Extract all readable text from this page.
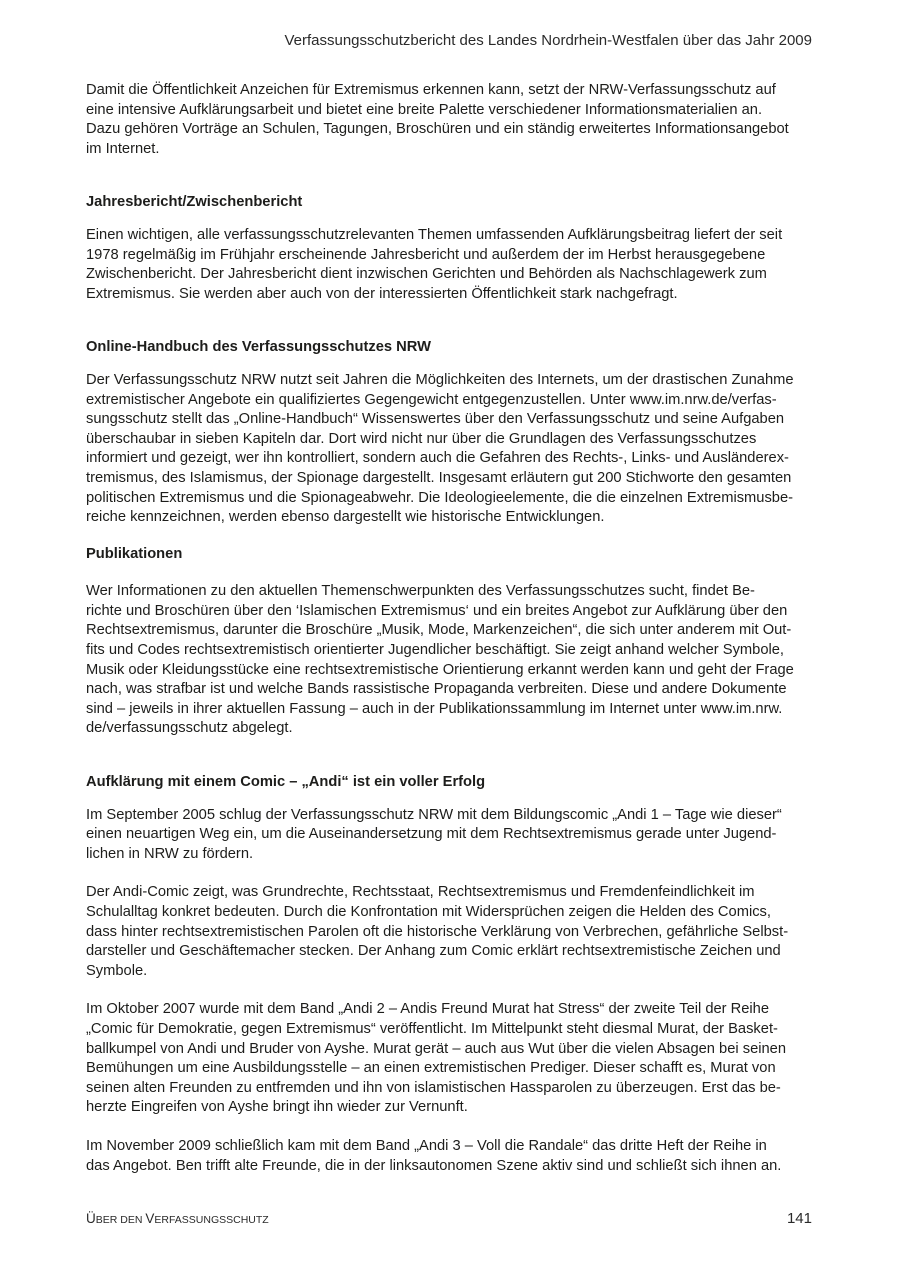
Verfassungsschutzbericht des Landes Nordrhein-Westfalen über das Jahr 2009

Damit die Öffentlichkeit Anzeichen für Extremismus erkennen kann, setzt der NRW-Verfassungsschutz auf
eine intensive Aufklärungsarbeit und bietet eine breite Palette verschiedener Informationsmaterialien an.
Dazu gehören Vorträge an Schulen, Tagungen, Broschüren und ein ständig erweitertes Informationsangebot
im Internet.

Jahresbericht/Zwischenbericht

Einen wichtigen, alle verfassungsschutzrelevanten Themen umfassenden Aufklärungsbeitrag liefert der seit
1978 regelmäßig im Frühjahr erscheinende Jahresbericht und außerdem der im Herbst herausgegebene
Zwischenbericht. Der Jahresbericht dient inzwischen Gerichten und Behörden als Nachschlagewerk zum
Extremismus. Sie werden aber auch von der interessierten Öffentlichkeit stark nachgefragt.

Online-Handbuch des Verfassungsschutzes NRW

Der Verfassungsschutz NRW nutzt seit Jahren die Möglichkeiten des Internets, um der drastischen Zunahme
extremistischer Angebote ein qualifiziertes Gegengewicht entgegenzustellen. Unter www.im.nrw.de/verfas-
sungsschutz stellt das „Online-Handbuch“ Wissenswertes über den Verfassungsschutz und seine Aufgaben
überschaubar in sieben Kapiteln dar. Dort wird nicht nur über die Grundlagen des Verfassungsschutzes
informiert und gezeigt, wer ihn kontrolliert, sondern auch die Gefahren des Rechts-, Links- und Ausländerex-
tremismus, des Islamismus, der Spionage dargestellt. Insgesamt erläutern gut 200 Stichworte den gesamten
politischen Extremismus und die Spionageabwehr. Die Ideologieelemente, die die einzelnen Extremismusbe-
reiche kennzeichnen, werden ebenso dargestellt wie historische Entwicklungen.

Publikationen

Wer Informationen zu den aktuellen Themenschwerpunkten des Verfassungsschutzes sucht, findet Be-
richte und Broschüren über den ‘Islamischen Extremismus‘ und ein breites Angebot zur Aufklärung über den
Rechtsextremismus, darunter die Broschüre „Musik, Mode, Markenzeichen“, die sich unter anderem mit Out-
fits und Codes rechtsextremistisch orientierter Jugendlicher beschäftigt. Sie zeigt anhand welcher Symbole,
Musik oder Kleidungsstücke eine rechtsextremistische Orientierung erkannt werden kann und geht der Frage
nach, was strafbar ist und welche Bands rassistische Propaganda verbreiten. Diese und andere Dokumente
sind – jeweils in ihrer aktuellen Fassung – auch in der Publikationssammlung im Internet unter www.im.nrw.
de/verfassungsschutz abgelegt.

Aufklärung mit einem Comic – „Andi“ ist ein voller Erfolg

Im September 2005 schlug der Verfassungsschutz NRW mit dem Bildungscomic „Andi 1 – Tage wie dieser“
einen neuartigen Weg ein, um die Auseinandersetzung mit dem Rechtsextremismus gerade unter Jugend-
lichen in NRW zu fördern.

Der Andi-Comic zeigt, was Grundrechte, Rechtsstaat, Rechtsextremismus und Fremdenfeindlichkeit im
Schulalltag konkret bedeuten. Durch die Konfrontation mit Widersprüchen zeigen die Helden des Comics,
dass hinter rechtsextremistischen Parolen oft die historische Verklärung von Verbrechen, gefährliche Selbst-
darsteller und Geschäftemacher stecken. Der Anhang zum Comic erklärt rechtsextremistische Zeichen und
Symbole.

Im Oktober 2007 wurde mit dem Band „Andi 2 – Andis Freund Murat hat Stress“ der zweite Teil der Reihe
„Comic für Demokratie, gegen Extremismus“ veröffentlicht. Im Mittelpunkt steht diesmal Murat, der Basket-
ballkumpel von Andi und Bruder von Ayshe. Murat gerät – auch aus Wut über die vielen Absagen bei seinen
Bemühungen um eine Ausbildungsstelle – an einen extremistischen Prediger. Dieser schafft es, Murat von
seinen alten Freunden zu entfremden und ihn von islamistischen Hassparolen zu überzeugen. Erst das be-
herzte Eingreifen von Ayshe bringt ihn wieder zur Vernunft.

Im November 2009 schließlich kam mit dem Band „Andi 3 – Voll die Randale“ das dritte Heft der Reihe in
das Angebot. Ben trifft alte Freunde, die in der linksautonomen Szene aktiv sind und schließt sich ihnen an.

ÜBER DEN VERFASSUNGSSCHUTZ	141
